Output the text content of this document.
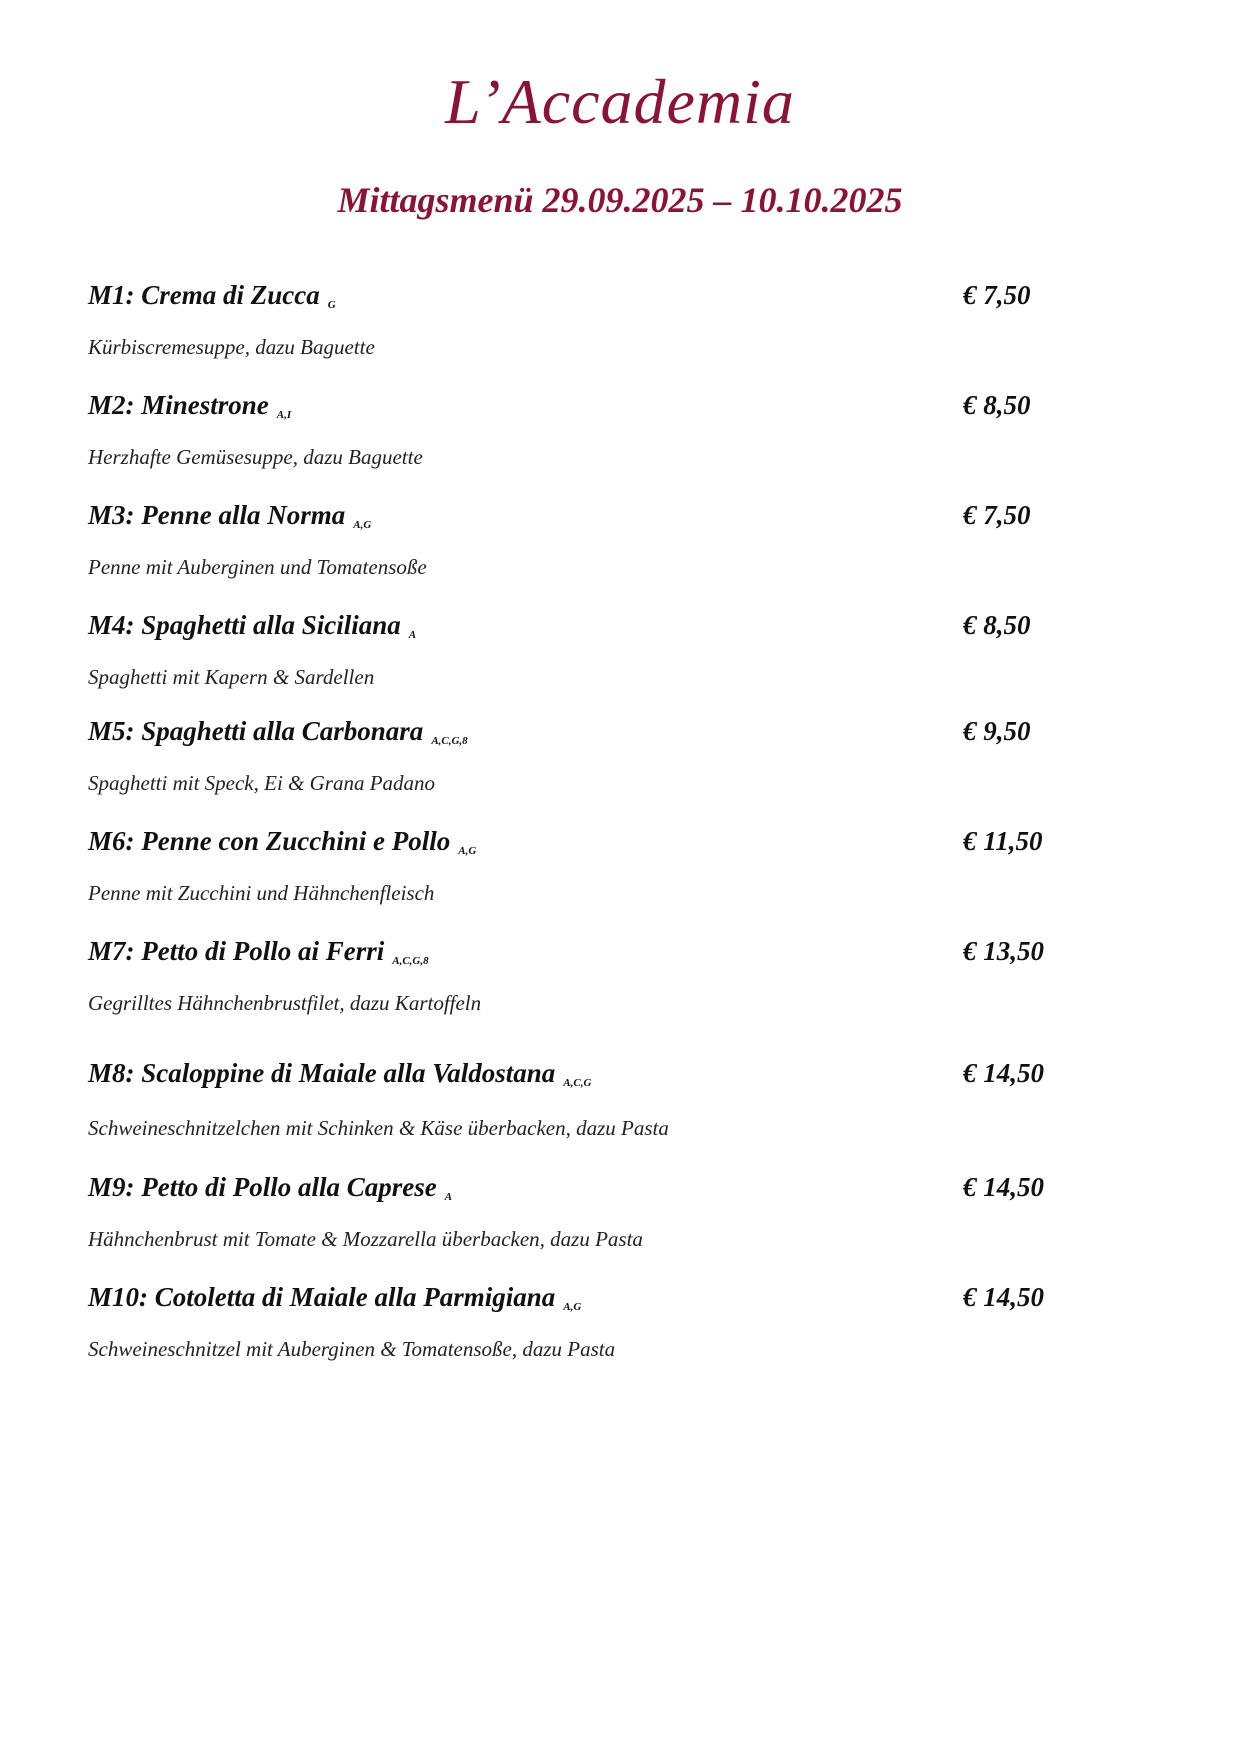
L’Accademia
Mittagsmenü 29.09.2025 – 10.10.2025
M1: Crema di Zucca G	€ 7,50
Kürbiscremesuppe, dazu Baguette
M2: Minestrone A,I	€ 8,50
Herzhafte Gemüsesuppe, dazu Baguette
M3: Penne alla Norma A,G	€ 7,50
Penne mit Auberginen und Tomatensoße
M4: Spaghetti alla Siciliana A	€ 8,50
Spaghetti mit Kapern & Sardellen
M5: Spaghetti alla Carbonara A,C,G,8	€ 9,50
Spaghetti mit Speck, Ei & Grana Padano
M6: Penne con Zucchini e Pollo A,G	€ 11,50
Penne mit Zucchini und Hähnchenfleisch
M7: Petto di Pollo ai Ferri A,C,G,8	€ 13,50
Gegrilltes Hähnchenbrustfilet, dazu Kartoffeln
M8: Scaloppine di Maiale alla Valdostana A,C,G	€ 14,50
Schweineschnitzelchen mit Schinken & Käse überbacken, dazu Pasta
M9: Petto di Pollo alla Caprese A	€ 14,50
Hähnchenbrust mit Tomate & Mozzarella überbacken, dazu Pasta
M10: Cotoletta di Maiale alla Parmigiana A,G	€ 14,50
Schweineschnitzel mit Auberginen & Tomatensoße, dazu Pasta
